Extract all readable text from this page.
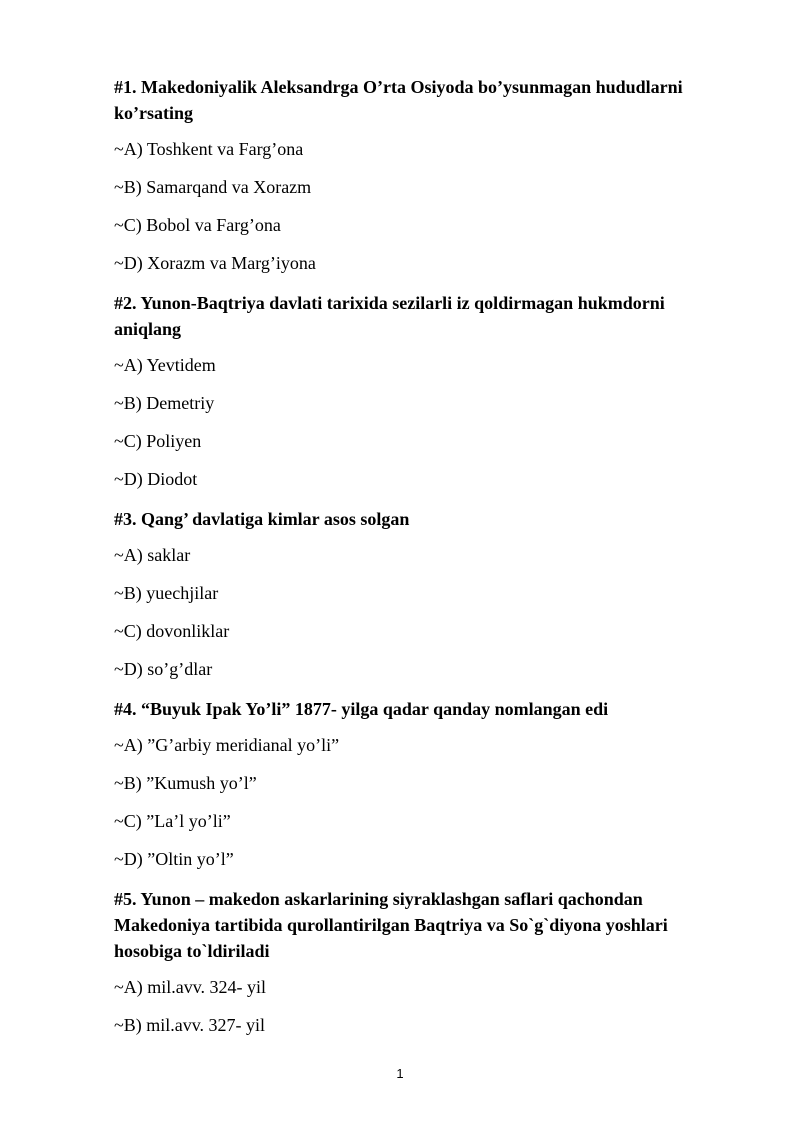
#1. Makedoniyalik Aleksandrga O’rta Osiyoda bo’ysunmagan hududlarni ko’rsating

~A) Toshkent va Farg’ona

~B) Samarqand va Xorazm

~C) Bobol va Farg’ona

~D) Xorazm va Marg’iyona

#2. Yunon-Baqtriya davlati tarixida sezilarli iz qoldirmagan hukmdorni aniqlang

~A) Yevtidem

~B) Demetriy

~C) Poliyen

~D) Diodot

#3. Qang’ davlatiga kimlar asos solgan

~A) saklar

~B) yuechjilar

~C) dovonliklar

~D) so’g’dlar

#4. “Buyuk Ipak Yo’li” 1877- yilga qadar qanday nomlangan edi

~A) ”G’arbiy meridianal yo’li”

~B) ”Kumush yo’l”

~C) ”La’l yo’li”

~D) ”Oltin yo’l”

#5. Yunon – makedon askarlarining siyraklashgan saflari qachondan Makedoniya tartibida qurollantirilgan Baqtriya va So`g`diyona yoshlari hosobiga to`ldiriladi

~A) mil.avv. 324- yil

~B) mil.avv. 327- yil

1
